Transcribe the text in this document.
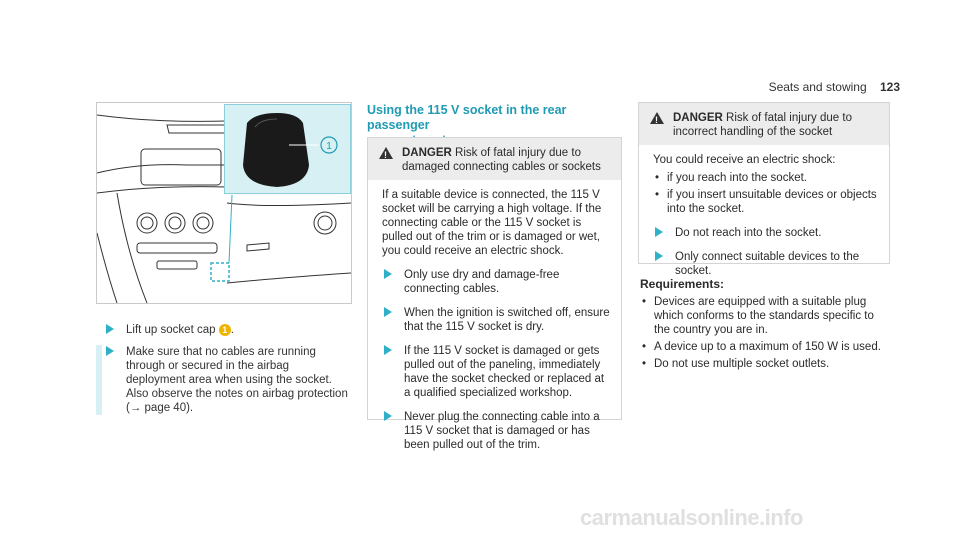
Seats and stowing 123
1
Lift up socket cap 1 .
Make sure that no cables are running through or secured in the airbag deployment area when using the socket. Also observe the notes on airbag protection (→ page 40).
Using the 115 V socket in the rear passenger
!
DANGER Risk of fatal injury due to damaged connecting cables or sockets

If a suitable device is connected, the 115 V socket will be carrying a high voltage. If the connecting cable or the 115 V socket is pulled out of the trim or is damaged or wet, you could receive an electric shock.

Only use dry and damage-free connecting cables.
When the ignition is switched off, ensure that the 115 V socket is dry.
If the 115 V socket is damaged or gets pulled out of the paneling, immediately have the socket checked or replaced at a qualified specialized workshop.
Never plug the connecting cable into a 115 V socket that is damaged or has been pulled out of the trim.
!
DANGER Risk of fatal injury due to incorrect handling of the socket
You could receive an electric shock:
• if you reach into the socket.
• if you insert unsuitable devices or objects into the socket.
Do not reach into the socket.
Only connect suitable devices to the socket.
Requirements:
• Devices are equipped with a suitable plug which conforms to the standards specific to the country you are in.
• A device up to a maximum of 150 W is used.
• Do not use multiple socket outlets.
carmanualsonline.info
